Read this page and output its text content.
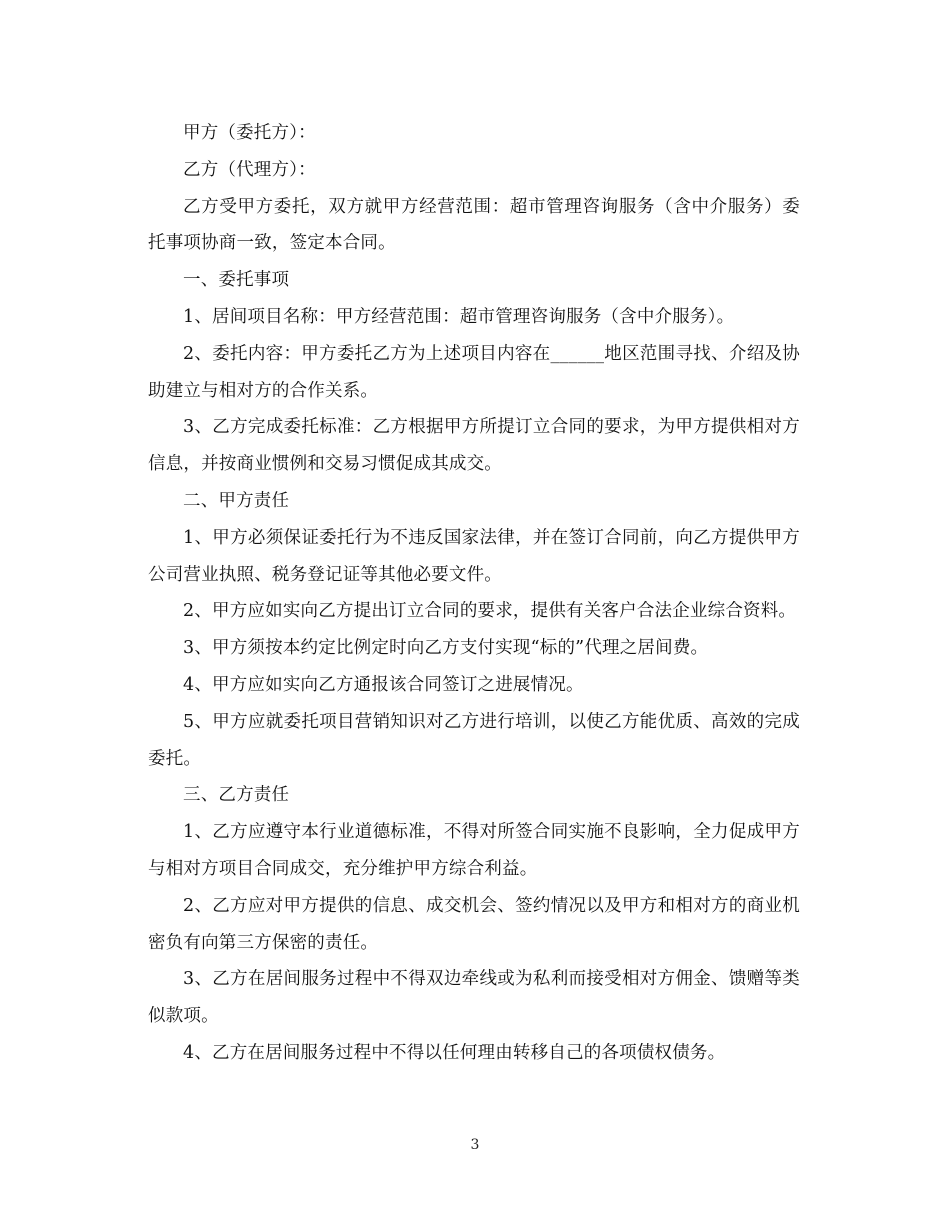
甲方（委托方）：

乙方（代理方）：

乙方受甲方委托，双方就甲方经营范围：超市管理咨询服务（含中介服务）委托事项协商一致，签定本合同。

一、委托事项

1、居间项目名称：甲方经营范围：超市管理咨询服务（含中介服务）。

2、委托内容：甲方委托乙方为上述项目内容在______地区范围寻找、介绍及协助建立与相对方的合作关系。

3、乙方完成委托标准：乙方根据甲方所提订立合同的要求，为甲方提供相对方信息，并按商业惯例和交易习惯促成其成交。

二、甲方责任

1、甲方必须保证委托行为不违反国家法律，并在签订合同前，向乙方提供甲方公司营业执照、税务登记证等其他必要文件。

2、甲方应如实向乙方提出订立合同的要求，提供有关客户合法企业综合资料。

3、甲方须按本约定比例定时向乙方支付实现“标的”代理之居间费。

4、甲方应如实向乙方通报该合同签订之进展情况。

5、甲方应就委托项目营销知识对乙方进行培训，以使乙方能优质、高效的完成委托。

三、乙方责任

1、乙方应遵守本行业道德标准，不得对所签合同实施不良影响，全力促成甲方与相对方项目合同成交，充分维护甲方综合利益。

2、乙方应对甲方提供的信息、成交机会、签约情况以及甲方和相对方的商业机密负有向第三方保密的责任。

3、乙方在居间服务过程中不得双边牵线或为私利而接受相对方佣金、馈赠等类似款项。

4、乙方在居间服务过程中不得以任何理由转移自己的各项债权债务。

3
